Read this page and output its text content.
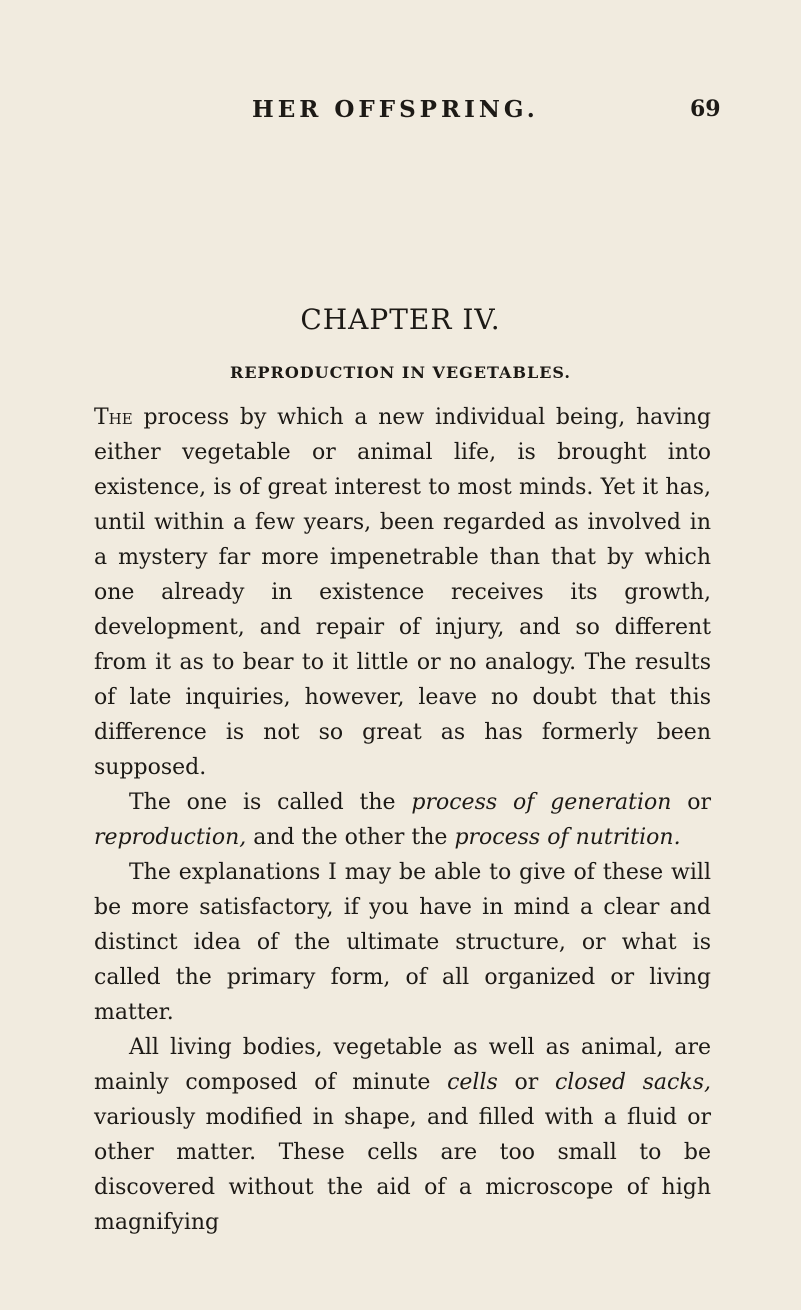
HER OFFSPRING.	69
CHAPTER IV.
REPRODUCTION IN VEGETABLES.

The process by which a new individual being, having either vegetable or animal life, is brought into existence, is of great interest to most minds. Yet it has, until within a few years, been regarded as involved in a mystery far more impenetrable than that by which one already in existence receives its growth, development, and repair of injury, and so different from it as to bear to it little or no analogy. The results of late inquiries, however, leave no doubt that this difference is not so great as has formerly been supposed.

The one is called the process of generation or reproduction, and the other the process of nutrition.

The explanations I may be able to give of these will be more satisfactory, if you have in mind a clear and distinct idea of the ultimate structure, or what is called the primary form, of all organized or living matter.

All living bodies, vegetable as well as animal, are mainly composed of minute cells or closed sacks, variously modified in shape, and filled with a fluid or other matter. These cells are too small to be discovered without the aid of a microscope of high magnifying
